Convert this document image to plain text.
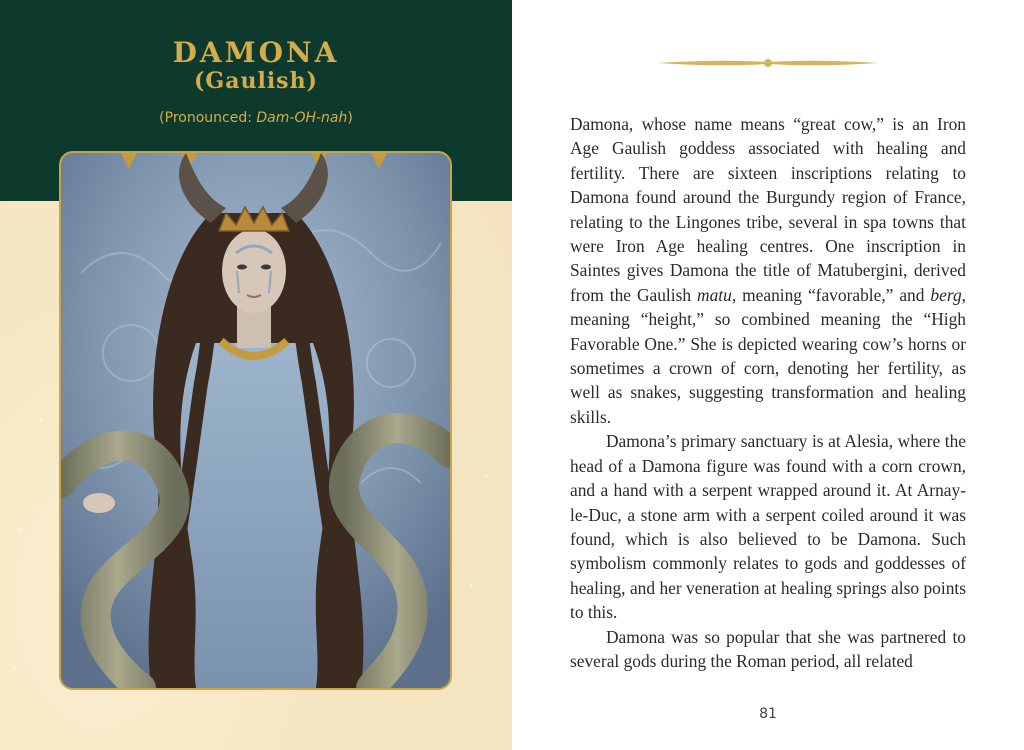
DAMONA
(Gaulish)
(Pronounced: Dam-OH-nah)	Damona, whose name means “great cow,” is an Iron Age Gaulish goddess associated with healing and fertility. There are sixteen inscriptions relating to Damona found around the Burgundy region of France, relating to the Lingones tribe, several in spa towns that were Iron Age healing centres. One inscription in Saintes gives Damona the title of Matubergini, derived from the Gaulish matu, meaning “favorable,” and berg, meaning “height,” so combined meaning the “High Favorable One.” She is depicted wearing cow’s horns or sometimes a crown of corn, denoting her fertility, as well as snakes, suggesting transformation and healing skills.

Damona’s primary sanctuary is at Alesia, where the head of a Damona figure was found with a corn crown, and a hand with a serpent wrapped around it. At Arnay-le-Duc, a stone arm with a serpent coiled around it was found, which is also believed to be Damona. Such symbolism commonly relates to gods and goddesses of healing, and her veneration at healing springs also points to this.

Damona was so popular that she was partnered to several gods during the Roman period, all related

81
